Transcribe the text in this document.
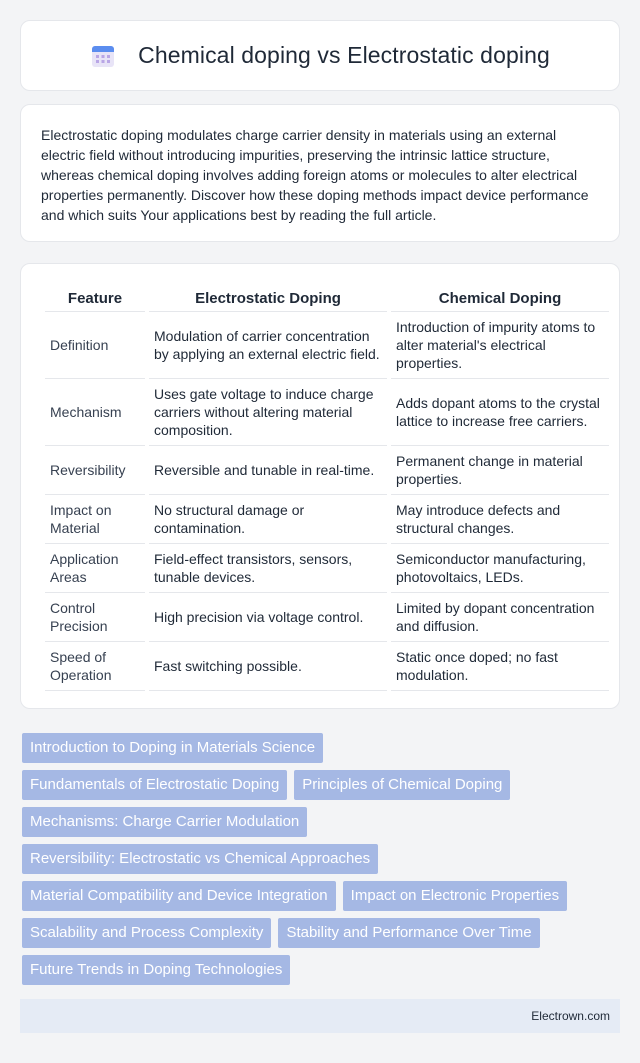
Chemical doping vs Electrostatic doping

Electrostatic doping modulates charge carrier density in materials using an external electric field without introducing impurities, preserving the intrinsic lattice structure, whereas chemical doping involves adding foreign atoms or molecules to alter electrical properties permanently. Discover how these doping methods impact device performance and which suits Your applications best by reading the full article.

Feature	Electrostatic Doping	Chemical Doping
Definition	Modulation of carrier concentration by applying an external electric field.	Introduction of impurity atoms to alter material's electrical properties.
Mechanism	Uses gate voltage to induce charge carriers without altering material composition.	Adds dopant atoms to the crystal lattice to increase free carriers.
Reversibility	Reversible and tunable in real-time.	Permanent change in material properties.
Impact on Material	No structural damage or contamination.	May introduce defects and structural changes.
Application Areas	Field-effect transistors, sensors, tunable devices.	Semiconductor manufacturing, photovoltaics, LEDs.
Control Precision	High precision via voltage control.	Limited by dopant concentration and diffusion.
Speed of Operation	Fast switching possible.	Static once doped; no fast modulation.
Introduction to Doping in Materials Science
Fundamentals of Electrostatic Doping	Principles of Chemical Doping
Mechanisms: Charge Carrier Modulation
Reversibility: Electrostatic vs Chemical Approaches
Material Compatibility and Device Integration	Impact on Electronic Properties
Scalability and Process Complexity	Stability and Performance Over Time
Future Trends in Doping Technologies
Electrown.com
